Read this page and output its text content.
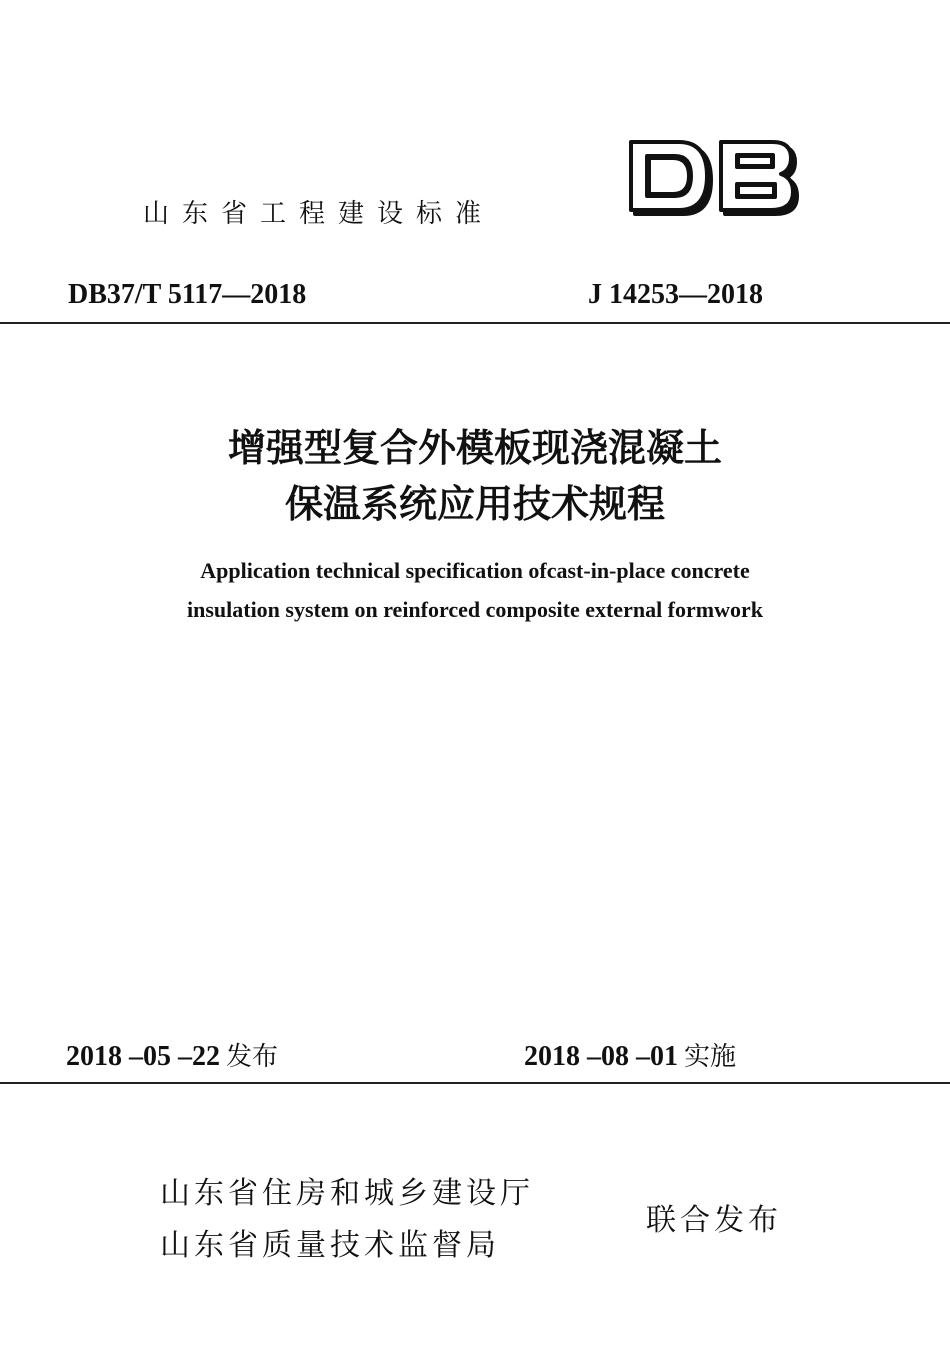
山东省工程建设标准
DB37/T 5117—2018	J 14253—2018
增强型复合外模板现浇混凝土
保温系统应用技术规程
Application technical specification ofcast-in-place concrete
insulation system on reinforced composite external formwork
2018 –05 –22 发布	2018 –08 –01 实施
山东省住房和城乡建设厅
山东省质量技术监督局
联合发布
